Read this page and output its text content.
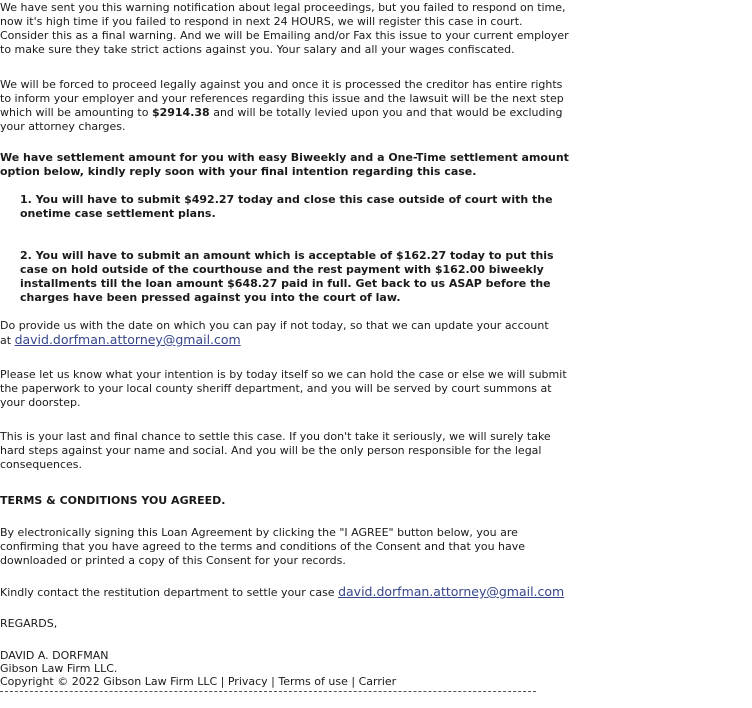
We have sent you this warning notification about legal proceedings, but you failed to respond on time,
now it's high time if you failed to respond in next 24 HOURS, we will register this case in court.
Consider this as a final warning. And we will be Emailing and/or Fax this issue to your current employer
to make sure they take strict actions against you. Your salary and all your wages confiscated.

We will be forced to proceed legally against you and once it is processed the creditor has entire rights
to inform your employer and your references regarding this issue and the lawsuit will be the next step
which will be amounting to $2914.38 and will be totally levied upon you and that would be excluding
your attorney charges.

We have settlement amount for you with easy Biweekly and a One-Time settlement amount
option below, kindly reply soon with your final intention regarding this case.

1. You will have to submit $492.27 today and close this case outside of court with the
onetime case settlement plans.

2. You will have to submit an amount which is acceptable of $162.27 today to put this
case on hold outside of the courthouse and the rest payment with $162.00 biweekly
installments till the loan amount $648.27 paid in full. Get back to us ASAP before the
charges have been pressed against you into the court of law.

Do provide us with the date on which you can pay if not today, so that we can update your account
at david.dorfman.attorney@gmail.com

Please let us know what your intention is by today itself so we can hold the case or else we will submit
the paperwork to your local county sheriff department, and you will be served by court summons at
your doorstep.

This is your last and final chance to settle this case. If you don't take it seriously, we will surely take
hard steps against your name and social. And you will be the only person responsible for the legal
consequences.

TERMS & CONDITIONS YOU AGREED.

By electronically signing this Loan Agreement by clicking the "I AGREE" button below, you are
confirming that you have agreed to the terms and conditions of the Consent and that you have
downloaded or printed a copy of this Consent for your records.

Kindly contact the restitution department to settle your case david.dorfman.attorney@gmail.com

REGARDS,

DAVID A. DORFMAN

Gibson Law Firm LLC.

Copyright © 2022 Gibson Law Firm LLC | Privacy | Terms of use | Carrier
